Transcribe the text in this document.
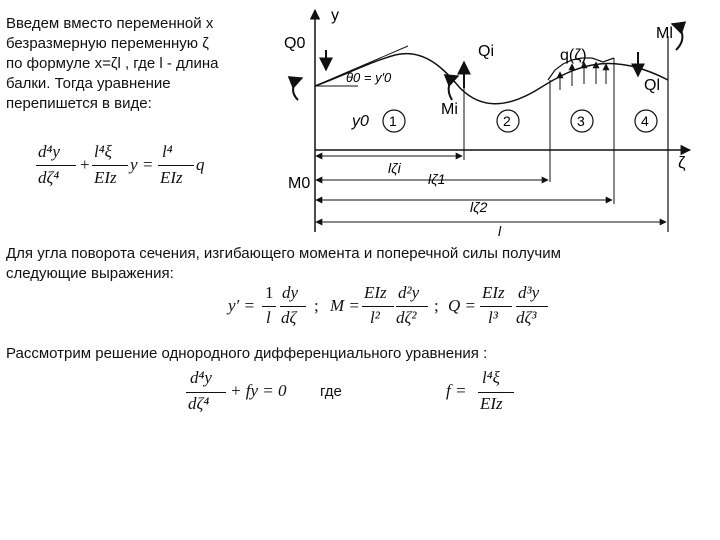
Введем вместо переменной x
безразмерную переменную ζ
по формуле x=ζl , где l - длина
балки. Тогда уравнение
перепишется в виде:
d⁴y
dζ⁴
+
l⁴ξ
EIz
y =
l⁴
EIz
q
y
ζ
Q0
M0
Qi
Mi
Ml
Ql
q(ζ)
θ0 = y′0
y0 1	2	3	4
lζi
lζ1
lζ2
l
Для угла поворота сечения, изгибающего момента и поперечной силы получим
следующие выражения:
y′ =
1
l
dy
dζ
; M =
EIz
l²
d²y
dζ²
; Q =
EIz
l³
d³y
dζ³
Рассмотрим решение однородного дифференциального уравнения :
d⁴y
dζ⁴
+ fy = 0 где	f =
l⁴ξ
EIz
